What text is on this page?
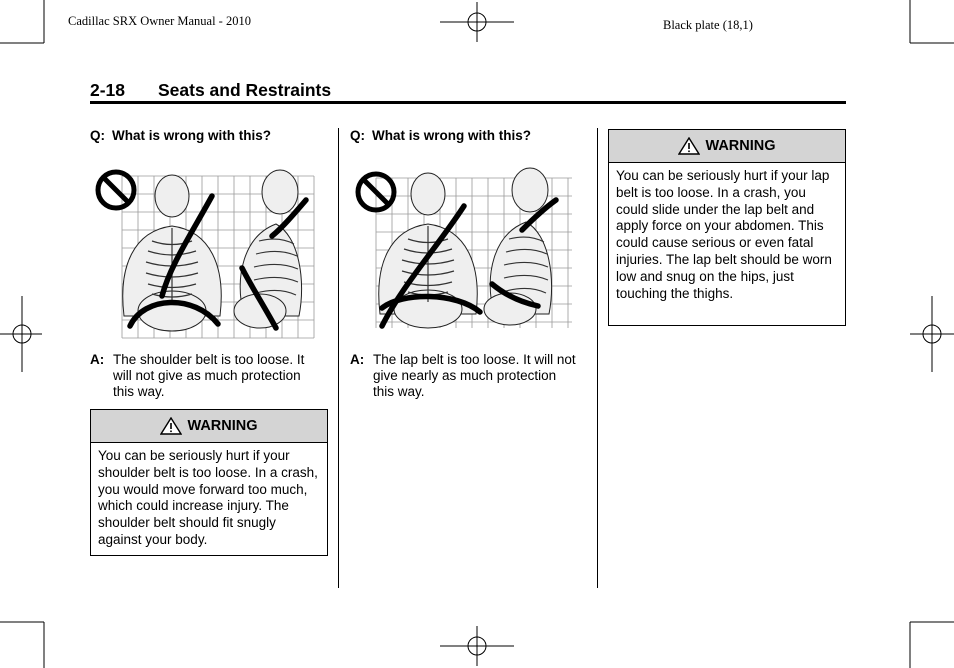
Cadillac SRX Owner Manual - 2010	Black plate (18,1)
2-18 Seats and Restraints
Q: What is wrong with this?
A: The shoulder belt is too loose. It will not give as much protection this way.
WARNING
You can be seriously hurt if your shoulder belt is too loose. In a crash, you would move forward too much, which could increase injury. The shoulder belt should fit snugly against your body.
Q: What is wrong with this?
A: The lap belt is too loose. It will not give nearly as much protection this way.
WARNING
You can be seriously hurt if your lap belt is too loose. In a crash, you could slide under the lap belt and apply force on your abdomen. This could cause serious or even fatal injuries. The lap belt should be worn low and snug on the hips, just touching the thighs.
